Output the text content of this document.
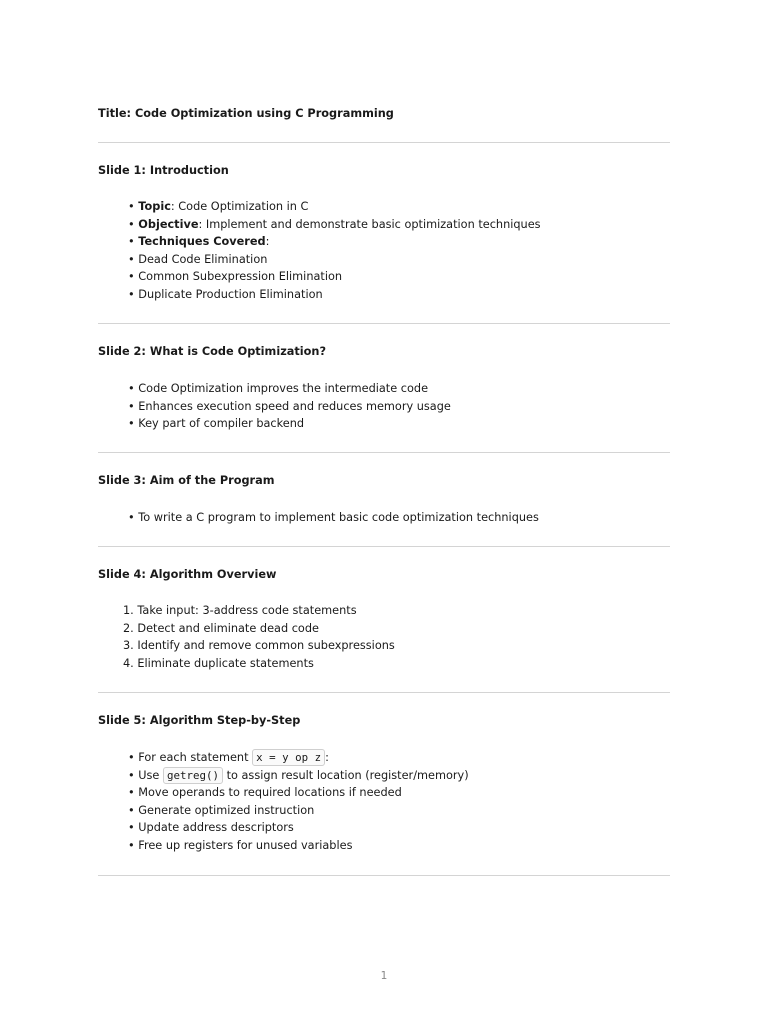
Title: Code Optimization using C Programming
Slide 1: Introduction
• Topic: Code Optimization in C
• Objective: Implement and demonstrate basic optimization techniques
• Techniques Covered:
• Dead Code Elimination
• Common Subexpression Elimination
• Duplicate Production Elimination
Slide 2: What is Code Optimization?
• Code Optimization improves the intermediate code
• Enhances execution speed and reduces memory usage
• Key part of compiler backend
Slide 3: Aim of the Program
• To write a C program to implement basic code optimization techniques
Slide 4: Algorithm Overview
1. Take input: 3-address code statements
2. Detect and eliminate dead code
3. Identify and remove common subexpressions
4. Eliminate duplicate statements
Slide 5: Algorithm Step-by-Step
• For each statement x = y op z :
• Use getreg() to assign result location (register/memory)
• Move operands to required locations if needed
• Generate optimized instruction
• Update address descriptors
• Free up registers for unused variables
1
